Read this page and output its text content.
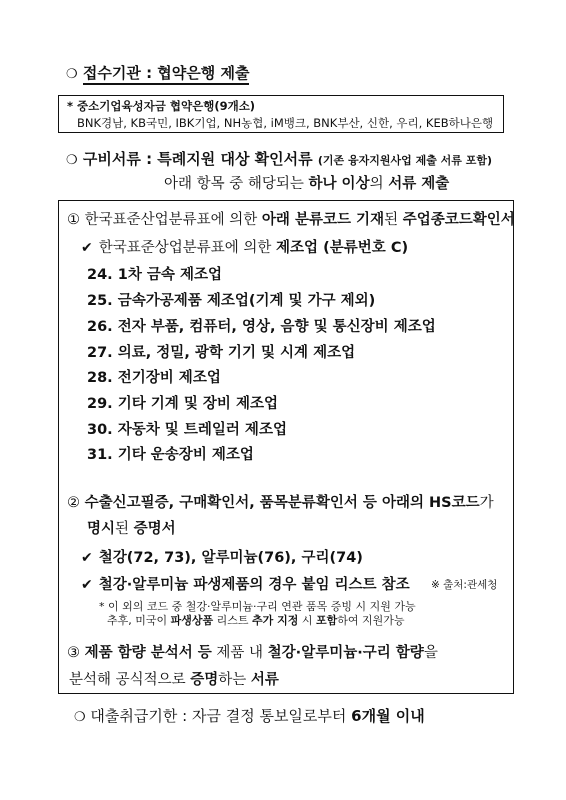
❍ 접수기관 : 협약은행 제출
* 중소기업육성자금 협약은행(9개소)
BNK경남, KB국민, IBK기업, NH농협, iM뱅크, BNK부산, 신한, 우리, KEB하나은행
❍ 구비서류 : 특례지원 대상 확인서류 (기존 융자지원사업 제출 서류 포함)
아래 항목 중 해당되는 하나 이상의 서류 제출
① 한국표준산업분류표에 의한 아래 분류코드 기재된 주업종코드확인서
✔ 한국표준상업분류표에 의한 제조업 (분류번호 C)
24. 1차 금속 제조업
25. 금속가공제품 제조업(기계 및 가구 제외)
26. 전자 부품, 컴퓨터, 영상, 음향 및 통신장비 제조업
27. 의료, 정밀, 광학 기기 및 시계 제조업
28. 전기장비 제조업
29. 기타 기계 및 장비 제조업
30. 자동차 및 트레일러 제조업
31. 기타 운송장비 제조업
② 수출신고필증, 구매확인서, 품목분류확인서 등 아래의 HS코드가
명시된 증명서
✔ 철강(72, 73), 알루미늄(76), 구리(74)
✔ 철강·알루미늄 파생제품의 경우 붙임 리스트 참조 ※ 출처:관세청
* 이 외의 코드 중 철강·알루미늄·구리 연관 품목 증빙 시 지원 가능
추후, 미국이 파생상품 리스트 추가 지정 시 포함하여 지원가능
③ 제품 함량 분석서 등 제품 내 철강·알루미늄·구리 함량을
분석해 공식적으로 증명하는 서류
❍ 대출취급기한 : 자금 결정 통보일로부터 6개월 이내
